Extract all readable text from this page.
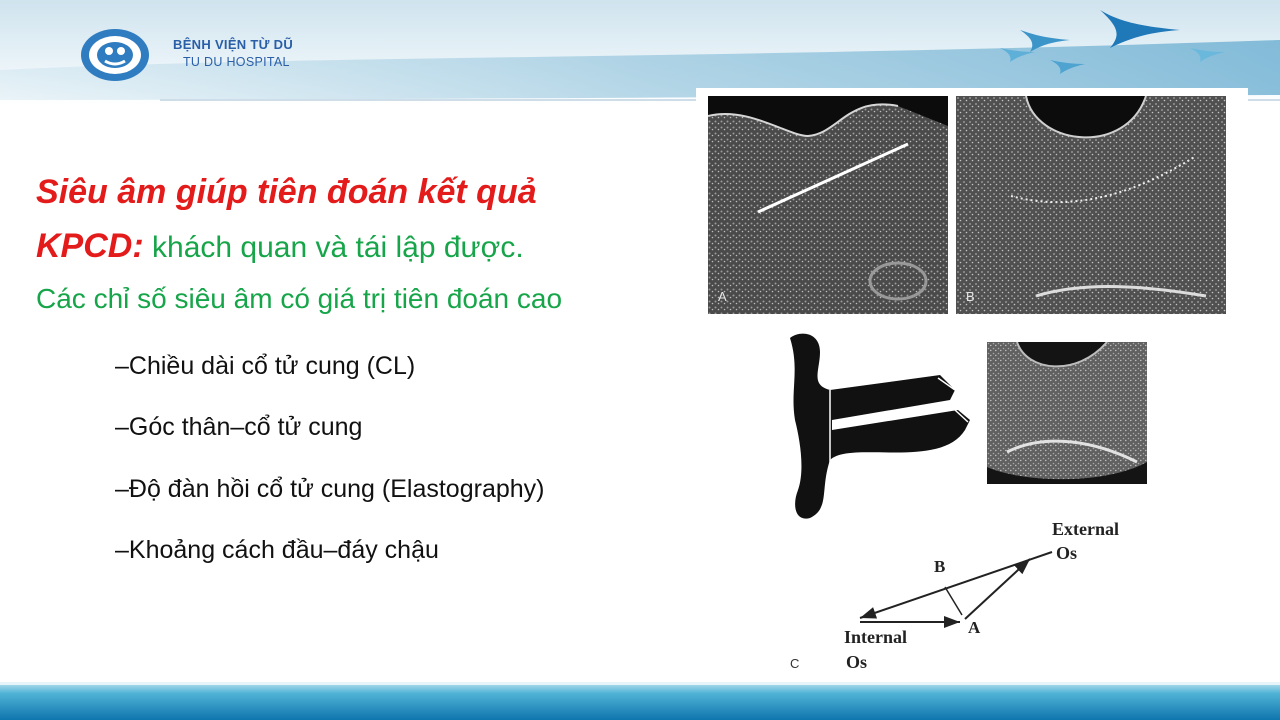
BỆNH VIỆN TỪ DŨ
TU DU HOSPITAL
Siêu âm giúp tiên đoán kết quả
KPCD: khách quan và tái lập được.
Các chỉ số siêu âm có giá trị tiên đoán cao
–Chiều dài cổ tử cung (CL)
–Góc thân–cổ tử cung
–Độ đàn hồi cổ tử cung (Elastography)
–Khoảng cách đầu–đáy chậu
A	B
External
Os
Internal
Os
B
A
C
